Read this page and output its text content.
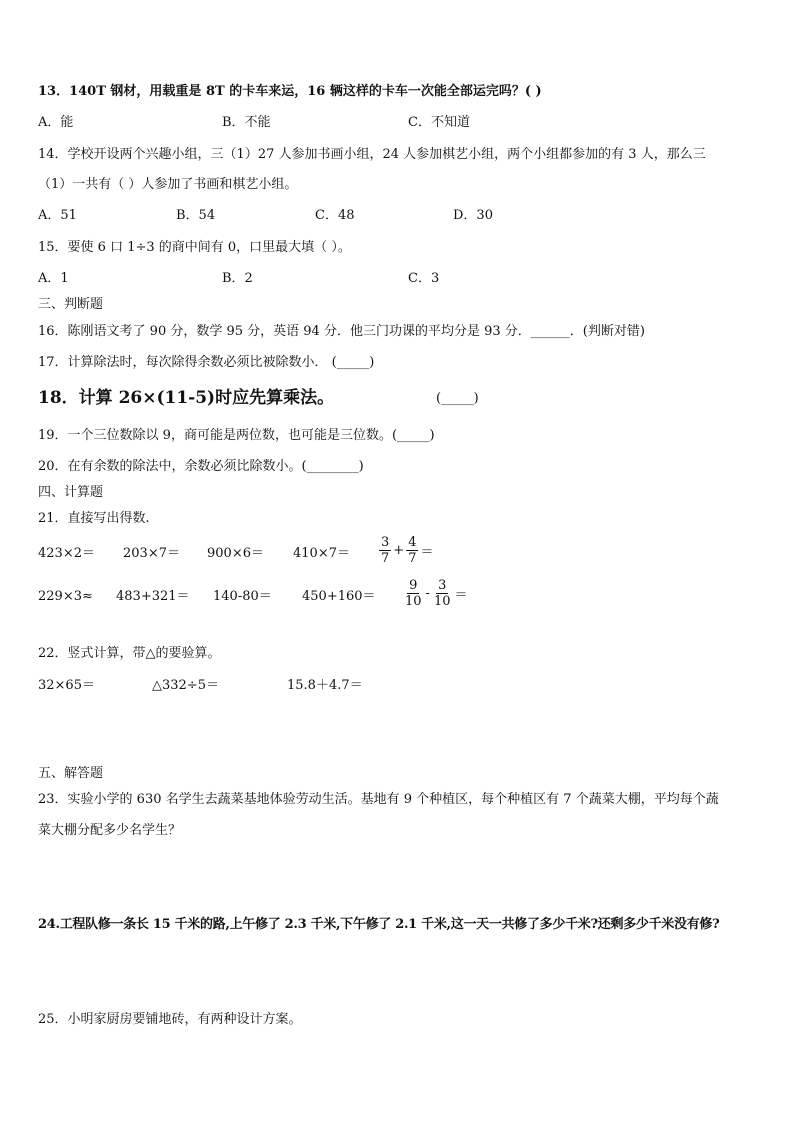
13．140T 钢材，用载重是 8T 的卡车来运，16 辆这样的卡车一次能全部运完吗？( )
A．能	B．不能	C．不知道
14．学校开设两个兴趣小组，三（1）27 人参加书画小组，24 人参加棋艺小组，两个小组都参加的有 3 人，那么三
（1）一共有（ ）人参加了书画和棋艺小组。
A．51	B．54	C．48	D．30
15．要使 6 口 1÷3 的商中间有 0，口里最大填（ ）。
A．1	B．2	C．3
三、判断题
16．陈刚语文考了 90 分，数学 95 分，英语 94 分．他三门功课的平均分是 93 分．______．(判断对错)
17．计算除法时，每次除得余数必须比被除数小． (_____)
18．计算 26×(11-5)时应先算乘法。	(_____)
19．一个三位数除以 9，商可能是两位数，也可能是三位数。(_____)
20．在有余数的除法中，余数必须比除数小。(________)
四、计算题
21．直接写出得数.
$423\times 2= 203\times 7= 900\times 6= 410\times 7= \frac{3}{7} + \frac{4}{7}$ ＝
$229\times 3\approx 483+321= 140-80= 450+160= \frac{9}{10} - \frac{3}{10}$ ＝
22．竖式计算，带△的要验算。
32×65＝	△332÷5＝	15.8＋4.7＝
五、解答题
23．实验小学的 630 名学生去蔬菜基地体验劳动生活。基地有 9 个种植区，每个种植区有 7 个蔬菜大棚，平均每个蔬
菜大棚分配多少名学生？
24.工程队修一条长 15 千米的路,上午修了 2.3 千米,下午修了 2.1 千米,这一天一共修了多少千米?还剩多少千米没有修?
25．小明家厨房要铺地砖，有两种设计方案。
